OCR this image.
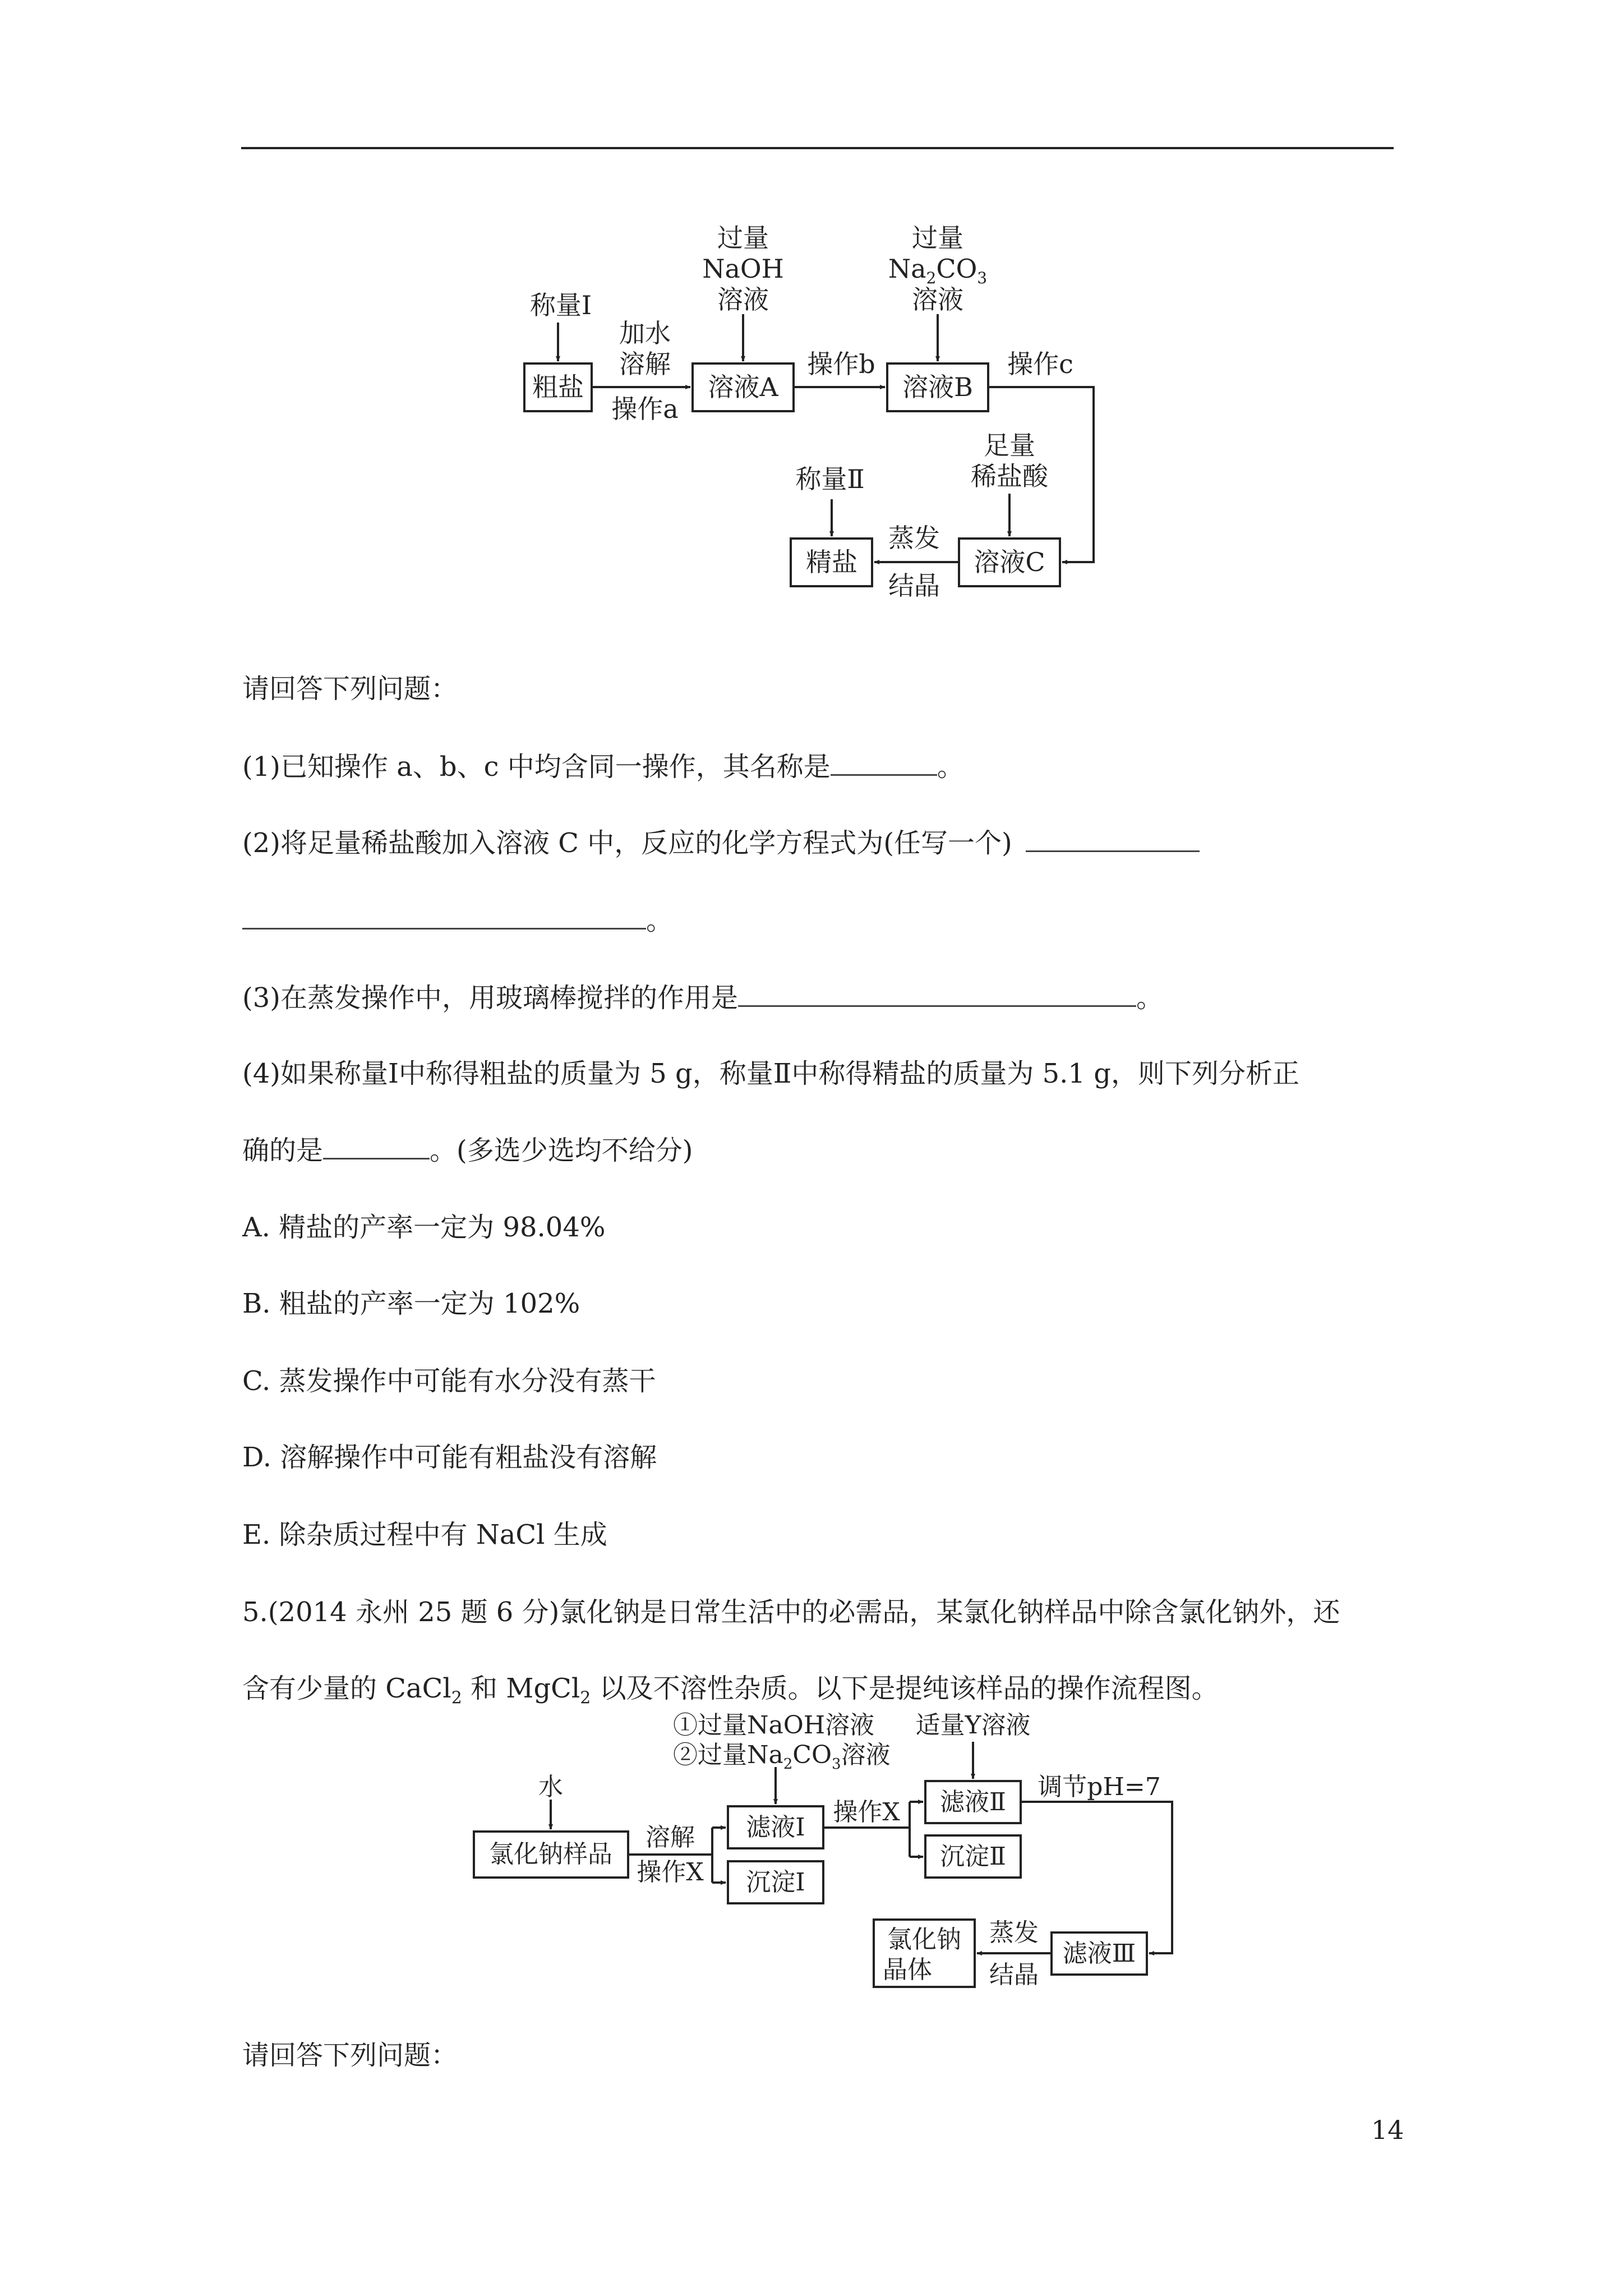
粗盐	溶液A	溶液B
溶液C
精盐
称量Ⅰ
加水
溶解
操作a
过量
NaOH
溶液
操作b
过量
$Na_2CO_3$
溶液
操作c
足量
稀盐酸
称量Ⅱ
蒸发
结晶
请回答下列问题：
(1)已知操作 a、b、c 中均含同一操作，其名称是	。
(2)将足量稀盐酸加入溶液 C 中，反应的化学方程式为(任写一个)
。
(3)在蒸发操作中，用玻璃棒搅拌的作用是	。
(4)如果称量Ⅰ中称得粗盐的质量为 5 g，称量Ⅱ中称得精盐的质量为 5.1 g，则下列分析正
确的是	。(多选少选均不给分)
A. 精盐的产率一定为 98.04%
B. 粗盐的产率一定为 102%
C. 蒸发操作中可能有水分没有蒸干
D. 溶解操作中可能有粗盐没有溶解
E. 除杂质过程中有 NaCl 生成
5.(2014 永州 25 题 6 分)氯化钠是日常生活中的必需品，某氯化钠样品中除含氯化钠外，还
含有少量的 CaCl$_2$ 和 MgCl$_2$ 以及不溶性杂质。以下是提纯该样品的操作流程图。
氯化钠样品
滤液Ⅰ
沉淀Ⅰ
滤液Ⅱ
沉淀Ⅱ
滤液Ⅲ
氯化钠
晶体
水
溶解
操作X
①过量NaOH溶液
②过量$Na_2CO_3$溶液
操作X
适量Y溶液
调节pH=7
蒸发
结晶
请回答下列问题：
14
